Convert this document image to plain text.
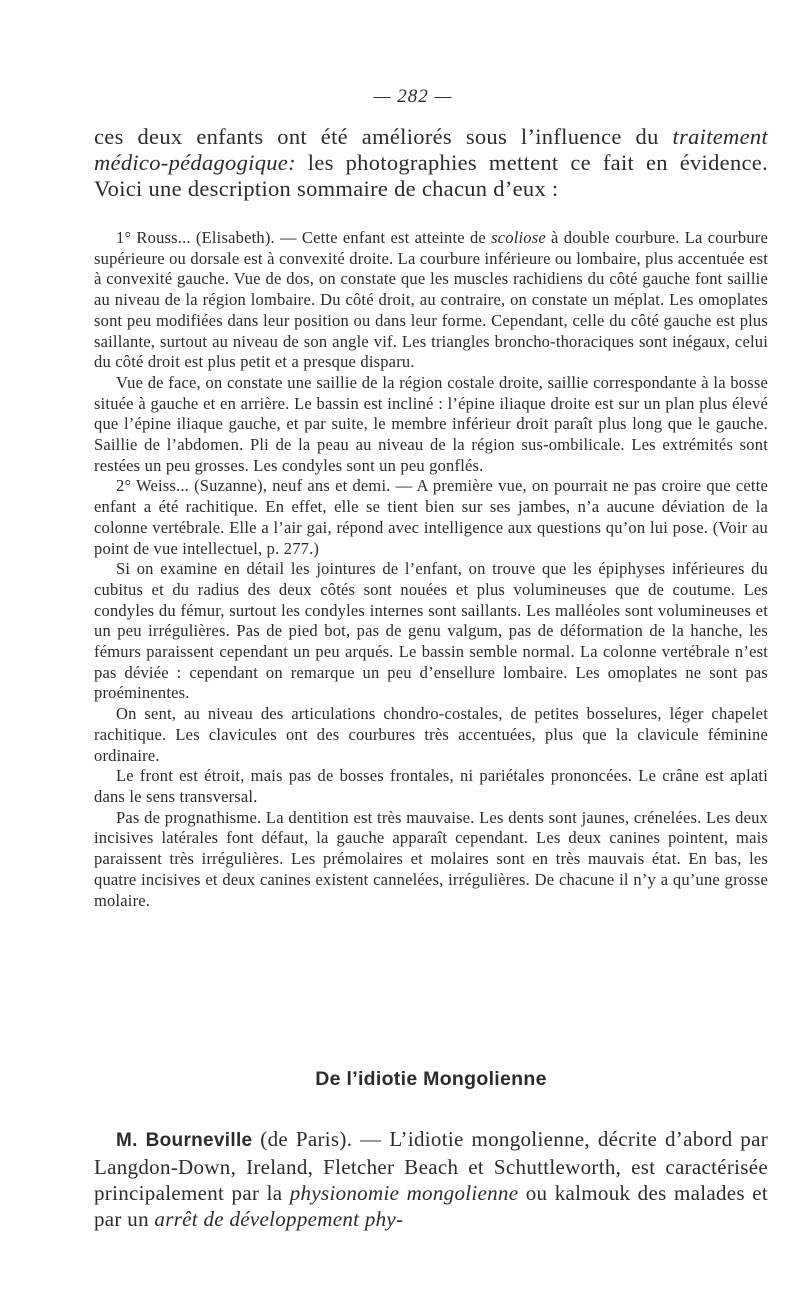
— 282 —

ces deux enfants ont été améliorés sous l’influence du traitement médico-pédagogique: les photographies mettent ce fait en évidence. Voici une description sommaire de chacun d’eux :

1° Rouss... (Elisabeth). — Cette enfant est atteinte de scoliose à double courbure. La courbure supérieure ou dorsale est à convexité droite. La courbure inférieure ou lombaire, plus accentuée est à convexité gauche. Vue de dos, on constate que les muscles rachidiens du côté gauche font saillie au niveau de la région lombaire. Du côté droit, au contraire, on constate un méplat. Les omoplates sont peu modifiées dans leur position ou dans leur forme. Cependant, celle du côté gauche est plus saillante, surtout au niveau de son angle vif. Les triangles broncho-thoraciques sont inégaux, celui du côté droit est plus petit et a presque disparu.

Vue de face, on constate une saillie de la région costale droite, saillie correspondante à la bosse située à gauche et en arrière. Le bassin est incliné : l’épine iliaque droite est sur un plan plus élevé que l’épine iliaque gauche, et par suite, le membre inférieur droit paraît plus long que le gauche. Saillie de l’abdomen. Pli de la peau au niveau de la région sus-ombilicale. Les extrémités sont restées un peu grosses. Les condyles sont un peu gonflés.

2° Weiss... (Suzanne), neuf ans et demi. — A première vue, on pourrait ne pas croire que cette enfant a été rachitique. En effet, elle se tient bien sur ses jambes, n’a aucune déviation de la colonne vertébrale. Elle a l’air gai, répond avec intelligence aux questions qu’on lui pose. (Voir au point de vue intellectuel, p. 277.)

Si on examine en détail les jointures de l’enfant, on trouve que les épiphyses inférieures du cubitus et du radius des deux côtés sont nouées et plus volumineuses que de coutume. Les condyles du fémur, surtout les condyles internes sont saillants. Les malléoles sont volumineuses et un peu irrégulières. Pas de pied bot, pas de genu valgum, pas de déformation de la hanche, les fémurs paraissent cependant un peu arqués. Le bassin semble normal. La colonne vertébrale n’est pas déviée : cependant on remarque un peu d’ensellure lombaire. Les omoplates ne sont pas proéminentes.

On sent, au niveau des articulations chondro-costales, de petites bosselures, léger chapelet rachitique. Les clavicules ont des courbures très accentuées, plus que la clavicule féminine ordinaire.

Le front est étroit, mais pas de bosses frontales, ni pariétales prononcées. Le crâne est aplati dans le sens transversal.

Pas de prognathisme. La dentition est très mauvaise. Les dents sont jaunes, crénelées. Les deux incisives latérales font défaut, la gauche apparaît cependant. Les deux canines pointent, mais paraissent très irrégulières. Les prémolaires et molaires sont en très mauvais état. En bas, les quatre incisives et deux canines existent cannelées, irrégulières. De chacune il n’y a qu’une grosse molaire.

De l’idiotie Mongolienne

M. Bourneville (de Paris). — L’idiotie mongolienne, décrite d’abord par Langdon-Down, Ireland, Fletcher Beach et Schuttleworth, est caractérisée principalement par la physionomie mongolienne ou kalmouk des malades et par un arrêt de développement phy-
